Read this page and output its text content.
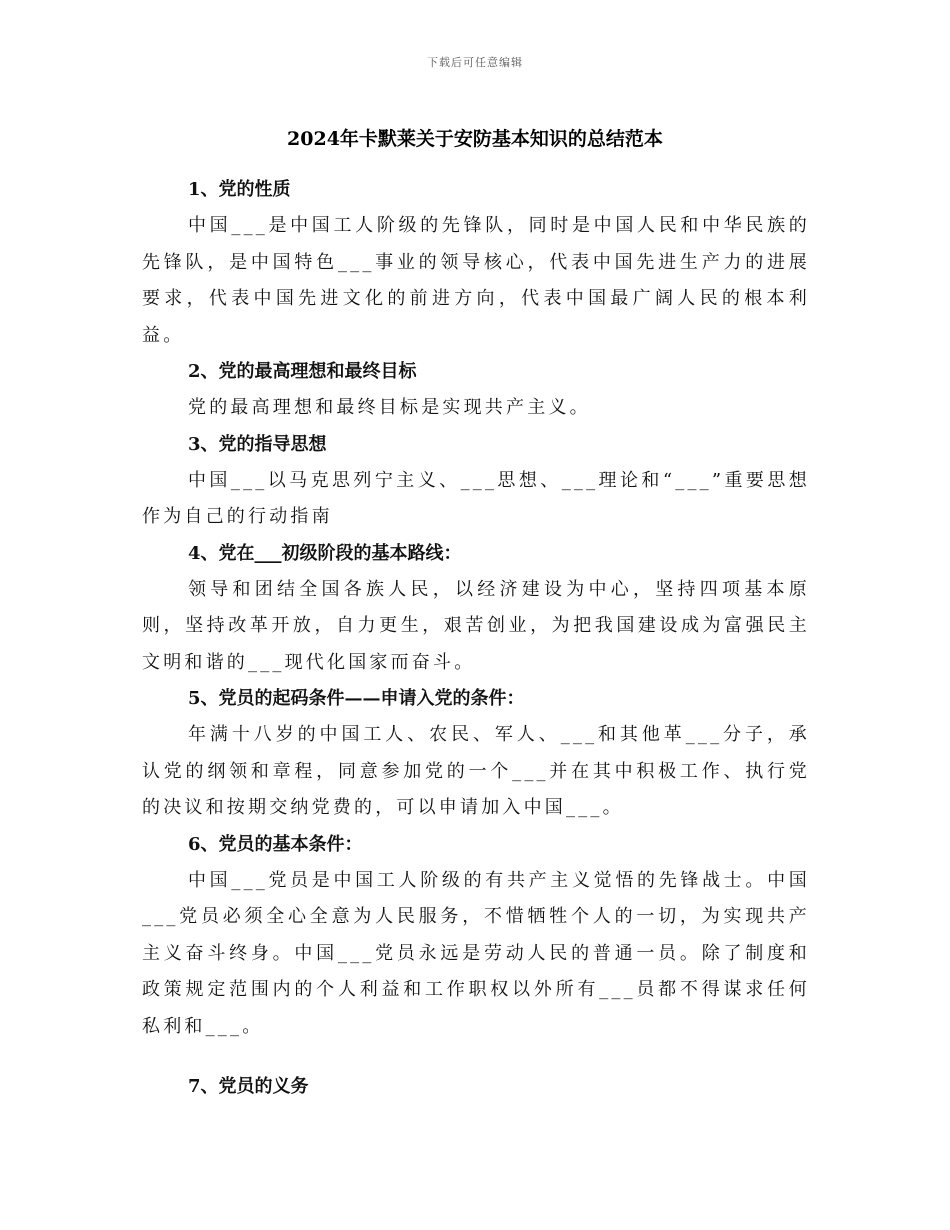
下载后可任意编辑
2024年卡默莱关于安防基本知识的总结范本

1、党的性质

中国___是中国工人阶级的先锋队，同时是中国人民和中华民族的先锋队，是中国特色___事业的领导核心，代表中国先进生产力的进展要求，代表中国先进文化的前进方向，代表中国最广阔人民的根本利益。

2、党的最高理想和最终目标

党的最高理想和最终目标是实现共产主义。

3、党的指导思想

中国___以马克思列宁主义、___思想、___理论和“___”重要思想作为自己的行动指南

4、党在___初级阶段的基本路线：

领导和团结全国各族人民，以经济建设为中心，坚持四项基本原则，坚持改革开放，自力更生，艰苦创业，为把我国建设成为富强民主文明和谐的___现代化国家而奋斗。

5、党员的起码条件——申请入党的条件：

年满十八岁的中国工人、农民、军人、___和其他革___分子，承认党的纲领和章程，同意参加党的一个___并在其中积极工作、执行党的决议和按期交纳党费的，可以申请加入中国___。

6、党员的基本条件：

中国___党员是中国工人阶级的有共产主义觉悟的先锋战士。中国___党员必须全心全意为人民服务，不惜牺牲个人的一切，为实现共产主义奋斗终身。中国___党员永远是劳动人民的普通一员。除了制度和政策规定范围内的个人利益和工作职权以外所有___员都不得谋求任何私利和___。

7、党员的义务
